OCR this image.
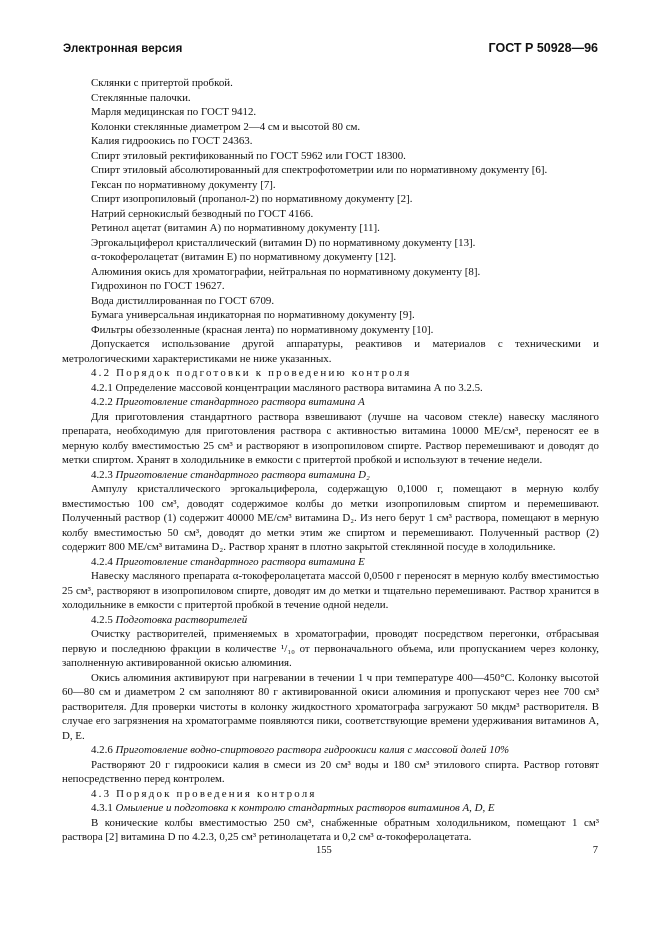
Электронная версия	ГОСТ Р 50928—96
Склянки с притертой пробкой.
Стеклянные палочки.
Марля медицинская по ГОСТ 9412.
Колонки стеклянные диаметром 2—4 см и высотой 80 см.
Калия гидроокись по ГОСТ 24363.
Спирт этиловый ректификованный по ГОСТ 5962 или ГОСТ 18300.
Спирт этиловый абсолютированный для спектрофотометрии или по нормативному документу [6].
Гексан по нормативному документу [7].
Спирт изопропиловый (пропанол-2) по нормативному документу [2].
Натрий сернокислый безводный по ГОСТ 4166.
Ретинол ацетат (витамин А) по нормативному документу [11].
Эргокальциферол кристаллический (витамин D) по нормативному документу [13].
α-токоферолацетат (витамин Е) по нормативному документу [12].
Алюминия окись для хроматографии, нейтральная по нормативному документу [8].
Гидрохинон по ГОСТ 19627.
Вода дистиллированная по ГОСТ 6709.
Бумага универсальная индикаторная по нормативному документу [9].
Фильтры обеззоленные (красная лента) по нормативному документу [10].
Допускается использование другой аппаратуры, реактивов и материалов с техническими и метрологическими характеристиками не ниже указанных.
4.2 Порядок подготовки к проведению контроля
4.2.1 Определение массовой концентрации масляного раствора витамина А по 3.2.5.
4.2.2 Приготовление стандартного раствора витамина А
Для приготовления стандартного раствора взвешивают (лучше на часовом стекле) навеску масляного препарата, необходимую для приготовления раствора с активностью витамина 10000 МЕ/см³, переносят ее в мерную колбу вместимостью 25 см³ и растворяют в изопропиловом спирте. Раствор перемешивают и доводят до метки спиртом. Хранят в холодильнике в емкости с притертой пробкой и используют в течение недели.
4.2.3 Приготовление стандартного раствора витамина D₂
Ампулу кристаллического эргокальциферола, содержащую 0,1000 г, помещают в мерную колбу вместимостью 100 см³, доводят содержимое колбы до метки изопропиловым спиртом и перемешивают. Полученный раствор (1) содержит 40000 МЕ/см³ витамина D₂. Из него берут 1 см³ раствора, помещают в мерную колбу вместимостью 50 см³, доводят до метки этим же спиртом и перемешивают. Полученный раствор (2) содержит 800 МЕ/см³ витамина D₂. Раствор хранят в плотно закрытой стеклянной посуде в холодильнике.
4.2.4 Приготовление стандартного раствора витамина Е
Навеску масляного препарата α-токоферолацетата массой 0,0500 г переносят в мерную колбу вместимостью 25 см³, растворяют в изопропиловом спирте, доводят им до метки и тщательно перемешивают. Раствор хранится в холодильнике в емкости с притертой пробкой в течение одной недели.
4.2.5 Подготовка растворителей
Очистку растворителей, применяемых в хроматографии, проводят посредством перегонки, отбрасывая первую и последнюю фракции в количестве ¹/₁₀ от первоначального объема, или пропусканием через колонку, заполненную активированной окисью алюминия.
Окись алюминия активируют при нагревании в течении 1 ч при температуре 400—450°С. Колонку высотой 60—80 см и диаметром 2 см заполняют 80 г активированной окиси алюминия и пропускают через нее 700 см³ растворителя. Для проверки чистоты в колонку жидкостного хроматографа загружают 50 мкдм³ растворителя. В случае его загрязнения на хроматограмме появляются пики, соответствующие времени удерживания витаминов А, D, Е.
4.2.6 Приготовление водно-спиртового раствора гидроокиси калия с массовой долей 10%
Растворяют 20 г гидроокиси калия в смеси из 20 см³ воды и 180 см³ этилового спирта. Раствор готовят непосредственно перед контролем.
4.3 Порядок проведения контроля
4.3.1 Омыление и подготовка к контролю стандартных растворов витаминов А, D, Е
В конические колбы вместимостью 250 см³, снабженные обратным холодильником, помещают 1 см³ раствора [2] витамина D по 4.2.3, 0,25 см³ ретинолацетата и 0,2 см³ α-токоферолацетата.
155	7
